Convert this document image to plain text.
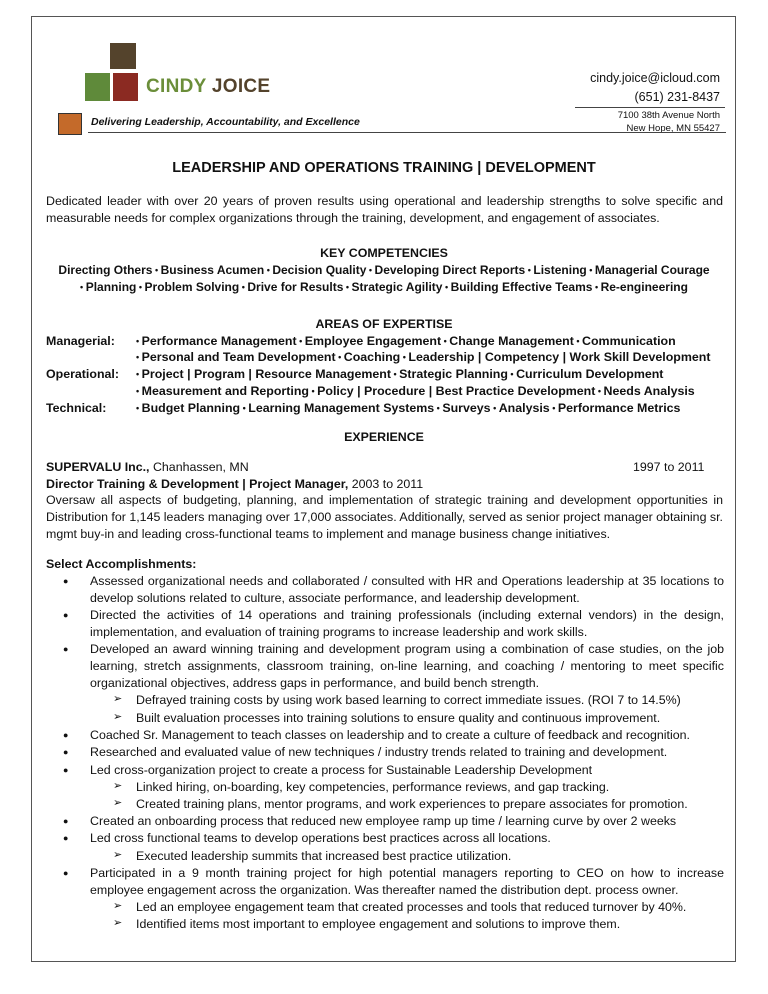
CINDY JOICE
Delivering Leadership, Accountability, and Excellence
cindy.joice@icloud.com
(651) 231-8437
7100 38th Avenue North
New Hope, MN 55427
LEADERSHIP AND OPERATIONS TRAINING | DEVELOPMENT
Dedicated leader with over 20 years of proven results using operational and leadership strengths to solve specific and measurable needs for complex organizations through the training, development, and engagement of associates.
KEY COMPETENCIES
Directing Others • Business Acumen • Decision Quality • Developing Direct Reports • Listening • Managerial Courage
• Planning • Problem Solving • Drive for Results • Strategic Agility • Building Effective Teams • Re-engineering
AREAS OF EXPERTISE
Managerial: • Performance Management • Employee Engagement • Change Management • Communication
• Personal and Team Development • Coaching • Leadership | Competency | Work Skill Development
Operational: • Project | Program | Resource Management • Strategic Planning • Curriculum Development
• Measurement and Reporting • Policy | Procedure | Best Practice Development • Needs Analysis
Technical:	• Budget Planning • Learning Management Systems • Surveys • Analysis • Performance Metrics
EXPERIENCE
SUPERVALU Inc., Chanhassen, MN	1997 to 2011
Director Training & Development | Project Manager, 2003 to 2011
Oversaw all aspects of budgeting, planning, and implementation of strategic training and development opportunities in Distribution for 1,145 leaders managing over 17,000 associates. Additionally, served as senior project manager obtaining sr. mgmt buy-in and leading cross-functional teams to implement and manage business change initiatives.
Select Accomplishments:
● Assessed organizational needs and collaborated / consulted with HR and Operations leadership at 35 locations to develop solutions related to culture, associate performance, and leadership development.
● Directed the activities of 14 operations and training professionals (including external vendors) in the design, implementation, and evaluation of training programs to increase leadership and work skills.
● Developed an award winning training and development program using a combination of case studies, on the job learning, stretch assignments, classroom training, on-line learning, and coaching / mentoring to meet specific organizational objectives, address gaps in performance, and build bench strength.
➢ Defrayed training costs by using work based learning to correct immediate issues. (ROI 7 to 14.5%)
➢ Built evaluation processes into training solutions to ensure quality and continuous improvement.
● Coached Sr. Management to teach classes on leadership and to create a culture of feedback and recognition.
● Researched and evaluated value of new techniques / industry trends related to training and development.
● Led cross-organization project to create a process for Sustainable Leadership Development
➢ Linked hiring, on-boarding, key competencies, performance reviews, and gap tracking.
➢ Created training plans, mentor programs, and work experiences to prepare associates for promotion.
● Created an onboarding process that reduced new employee ramp up time / learning curve by over 2 weeks
● Led cross functional teams to develop operations best practices across all locations.
➢ Executed leadership summits that increased best practice utilization.
● Participated in a 9 month training project for high potential managers reporting to CEO on how to increase employee engagement across the organization. Was thereafter named the distribution dept. process owner.
➢ Led an employee engagement team that created processes and tools that reduced turnover by 40%.
➢ Identified items most important to employee engagement and solutions to improve them.
